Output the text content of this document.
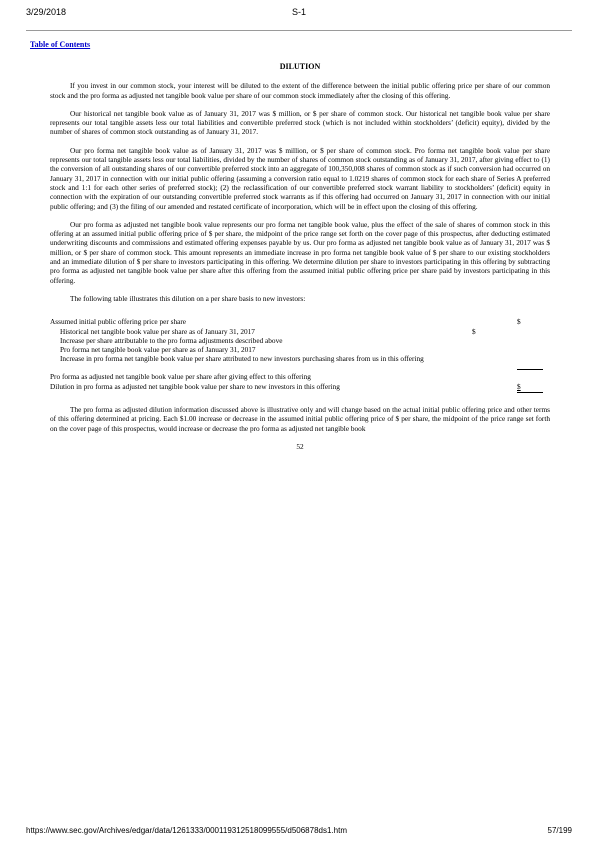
3/29/2018	S-1
Table of Contents
DILUTION

If you invest in our common stock, your interest will be diluted to the extent of the difference between the initial public offering price per share of our common stock and the pro forma as adjusted net tangible book value per share of our common stock immediately after the closing of this offering.

Our historical net tangible book value as of January 31, 2017 was $ million, or $ per share of common stock. Our historical net tangible book value per share represents our total tangible assets less our total liabilities and convertible preferred stock (which is not included within stockholders’ (deficit) equity), divided by the number of shares of common stock outstanding as of January 31, 2017.

Our pro forma net tangible book value as of January 31, 2017 was $ million, or $ per share of common stock. Pro forma net tangible book value per share represents our total tangible assets less our total liabilities, divided by the number of shares of common stock outstanding as of January 31, 2017, after giving effect to (1) the conversion of all outstanding shares of our convertible preferred stock into an aggregate of 100,350,008 shares of common stock as if such conversion had occurred on January 31, 2017 in connection with our initial public offering (assuming a conversion ratio equal to 1.0219 shares of common stock for each share of Series A preferred stock and 1:1 for each other series of preferred stock); (2) the reclassification of our convertible preferred stock warrant liability to stockholders’ (deficit) equity in connection with the expiration of our outstanding convertible preferred stock warrants as if this offering had occurred on January 31, 2017 in connection with our initial public offering; and (3) the filing of our amended and restated certificate of incorporation, which will be in effect upon the closing of this offering.

Our pro forma as adjusted net tangible book value represents our pro forma net tangible book value, plus the effect of the sale of shares of common stock in this offering at an assumed initial public offering price of $ per share, the midpoint of the price range set forth on the cover page of this prospectus, after deducting estimated underwriting discounts and commissions and estimated offering expenses payable by us. Our pro forma as adjusted net tangible book value as of January 31, 2017 was $ million, or $ per share of common stock. This amount represents an immediate increase in pro forma net tangible book value of $ per share to our existing stockholders and an immediate dilution of $ per share to investors participating in this offering. We determine dilution per share to investors participating in this offering by subtracting pro forma as adjusted net tangible book value per share after this offering from the assumed initial public offering price per share paid by investors participating in this offering.

The following table illustrates this dilution on a per share basis to new investors:

Assumed initial public offering price per share	$
Historical net tangible book value per share as of January 31, 2017	$
Increase per share attributable to the pro forma adjustments described above
Pro forma net tangible book value per share as of January 31, 2017
Increase in pro forma net tangible book value per share attributed to new investors purchasing shares from us in this offering
Pro forma as adjusted net tangible book value per share after giving effect to this offering
Dilution in pro forma as adjusted net tangible book value per share to new investors in this offering	$

The pro forma as adjusted dilution information discussed above is illustrative only and will change based on the actual initial public offering price and other terms of this offering determined at pricing. Each $1.00 increase or decrease in the assumed initial public offering price of $ per share, the midpoint of the price range set forth on the cover page of this prospectus, would increase or decrease the pro forma as adjusted net tangible book

52
https://www.sec.gov/Archives/edgar/data/1261333/000119312518099555/d506878ds1.htm	57/199
